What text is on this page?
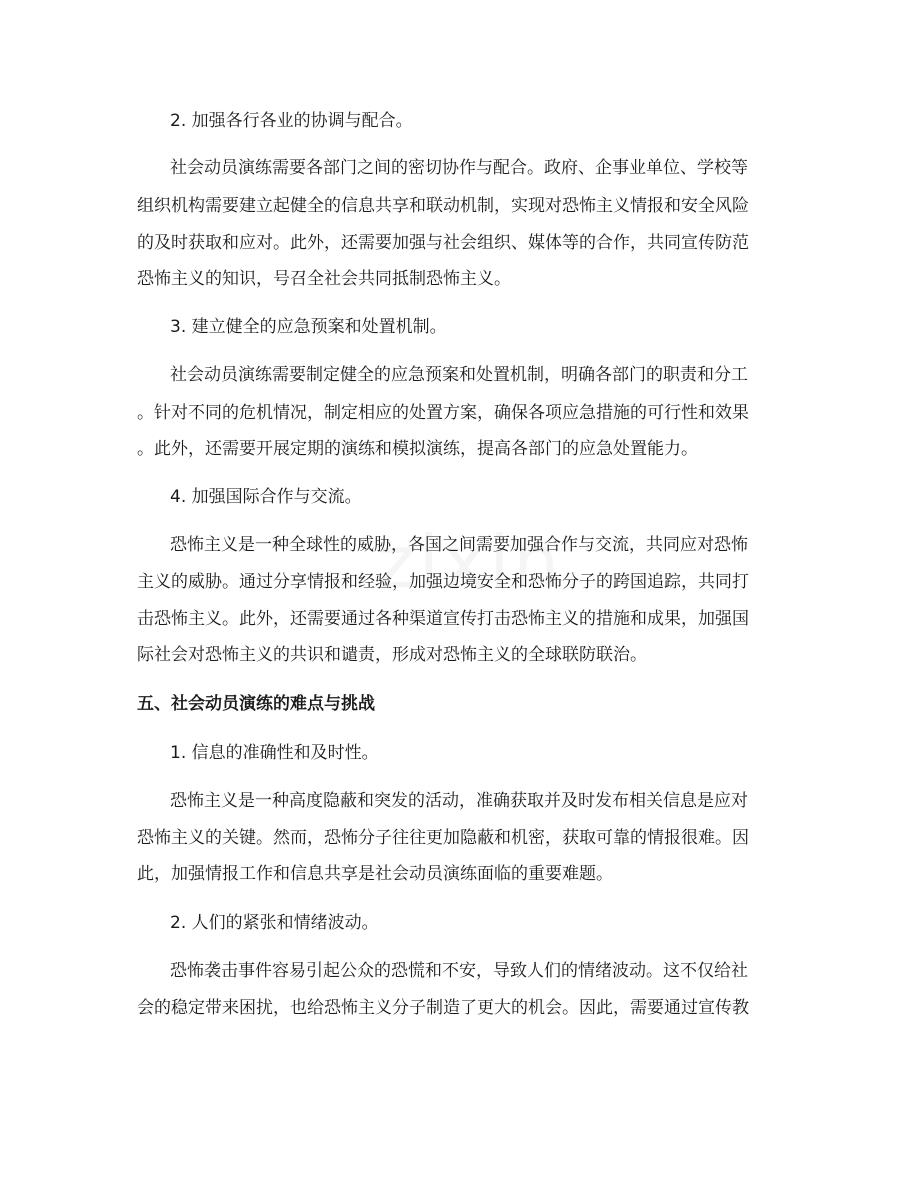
2. 加强各行各业的协调与配合。
社会动员演练需要各部门之间的密切协作与配合。政府、企事业单位、学校等
组织机构需要建立起健全的信息共享和联动机制，实现对恐怖主义情报和安全风险
的及时获取和应对。此外，还需要加强与社会组织、媒体等的合作，共同宣传防范
恐怖主义的知识，号召全社会共同抵制恐怖主义。
3. 建立健全的应急预案和处置机制。
社会动员演练需要制定健全的应急预案和处置机制，明确各部门的职责和分工
。针对不同的危机情况，制定相应的处置方案，确保各项应急措施的可行性和效果
。此外，还需要开展定期的演练和模拟演练，提高各部门的应急处置能力。
4. 加强国际合作与交流。
恐怖主义是一种全球性的威胁，各国之间需要加强合作与交流，共同应对恐怖
主义的威胁。通过分享情报和经验，加强边境安全和恐怖分子的跨国追踪，共同打
击恐怖主义。此外，还需要通过各种渠道宣传打击恐怖主义的措施和成果，加强国
际社会对恐怖主义的共识和谴责，形成对恐怖主义的全球联防联治。
五、社会动员演练的难点与挑战
1. 信息的准确性和及时性。
恐怖主义是一种高度隐蔽和突发的活动，准确获取并及时发布相关信息是应对
恐怖主义的关键。然而，恐怖分子往往更加隐蔽和机密，获取可靠的情报很难。因
此，加强情报工作和信息共享是社会动员演练面临的重要难题。
2. 人们的紧张和情绪波动。
恐怖袭击事件容易引起公众的恐慌和不安，导致人们的情绪波动。这不仅给社
会的稳定带来困扰，也给恐怖主义分子制造了更大的机会。因此，需要通过宣传教
